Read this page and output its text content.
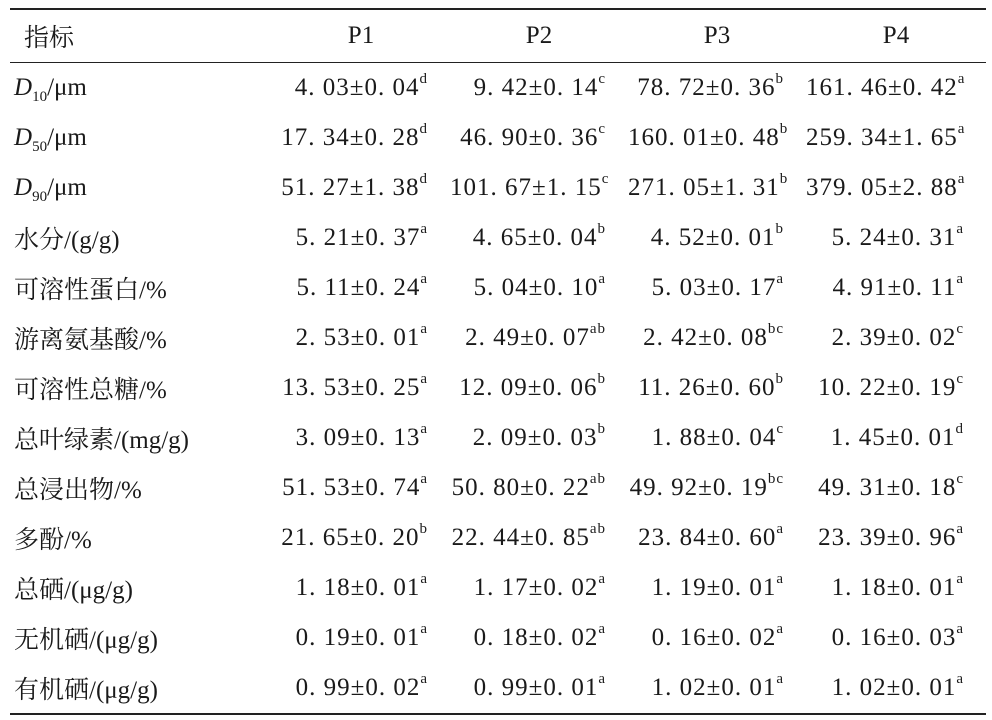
指标	P1	P2	P3	P4
$D_{10}/\mu m$	4. 03±0. 04$^d$	9. 42±0. 14$^c$	78. 72±0. 36$^b$	161. 46±0. 42$^a$
$D_{50}/\mu m$	17. 34±0. 28$^d$	46. 90±0. 36$^c$	160. 01±0. 48$^b$	259. 34±1. 65$^a$
$D_{90}/\mu m$	51. 27±1. 38$^d$	101. 67±1. 15$^c$	271. 05±1. 31$^b$	379. 05±2. 88$^a$
水分/(g/g)	5. 21±0. 37$^a$	4. 65±0. 04$^b$	4. 52±0. 01$^b$	5. 24±0. 31$^a$
可溶性蛋白/%	5. 11±0. 24$^a$	5. 04±0. 10$^a$	5. 03±0. 17$^a$	4. 91±0. 11$^a$
游离氨基酸/%	2. 53±0. 01$^a$	2. 49±0. $07^{ab}$	2. 42±0. $08^{bc}$	2. 39±0. 02$^c$
可溶性总糖/%	13. 53±0. 25$^a$	12. 09±0. 06$^b$	11. 26±0. 60$^b$	10. 22±0. 19$^c$
总叶绿素/(mg/g)	3. 09±0. 13$^a$	2. 09±0. 03$^b$	1. 88±0. 04$^c$	1. 45±0. 01$^d$
总浸出物/%	51. 53±0. 74$^a$	50. 80±0. $22^{ab}$	49. 92±0. $19^{bc}$	49. 31±0. 18$^c$
多酚/%	21. 65±0. 20$^b$	22. 44±0. $85^{ab}$	23. 84±0. 60$^a$	23. 39±0. 96$^a$
总硒/(μg/g)	1. 18±0. 01$^a$	1. 17±0. 02$^a$	1. 19±0. 01$^a$	1. 18±0. 01$^a$
无机硒/(μg/g)	0. 19±0. 01$^a$	0. 18±0. 02$^a$	0. 16±0. 02$^a$	0. 16±0. 03$^a$
有机硒/(μg/g)	0. 99±0. 02$^a$	0. 99±0. 01$^a$	1. 02±0. 01$^a$	1. 02±0. 01$^a$
